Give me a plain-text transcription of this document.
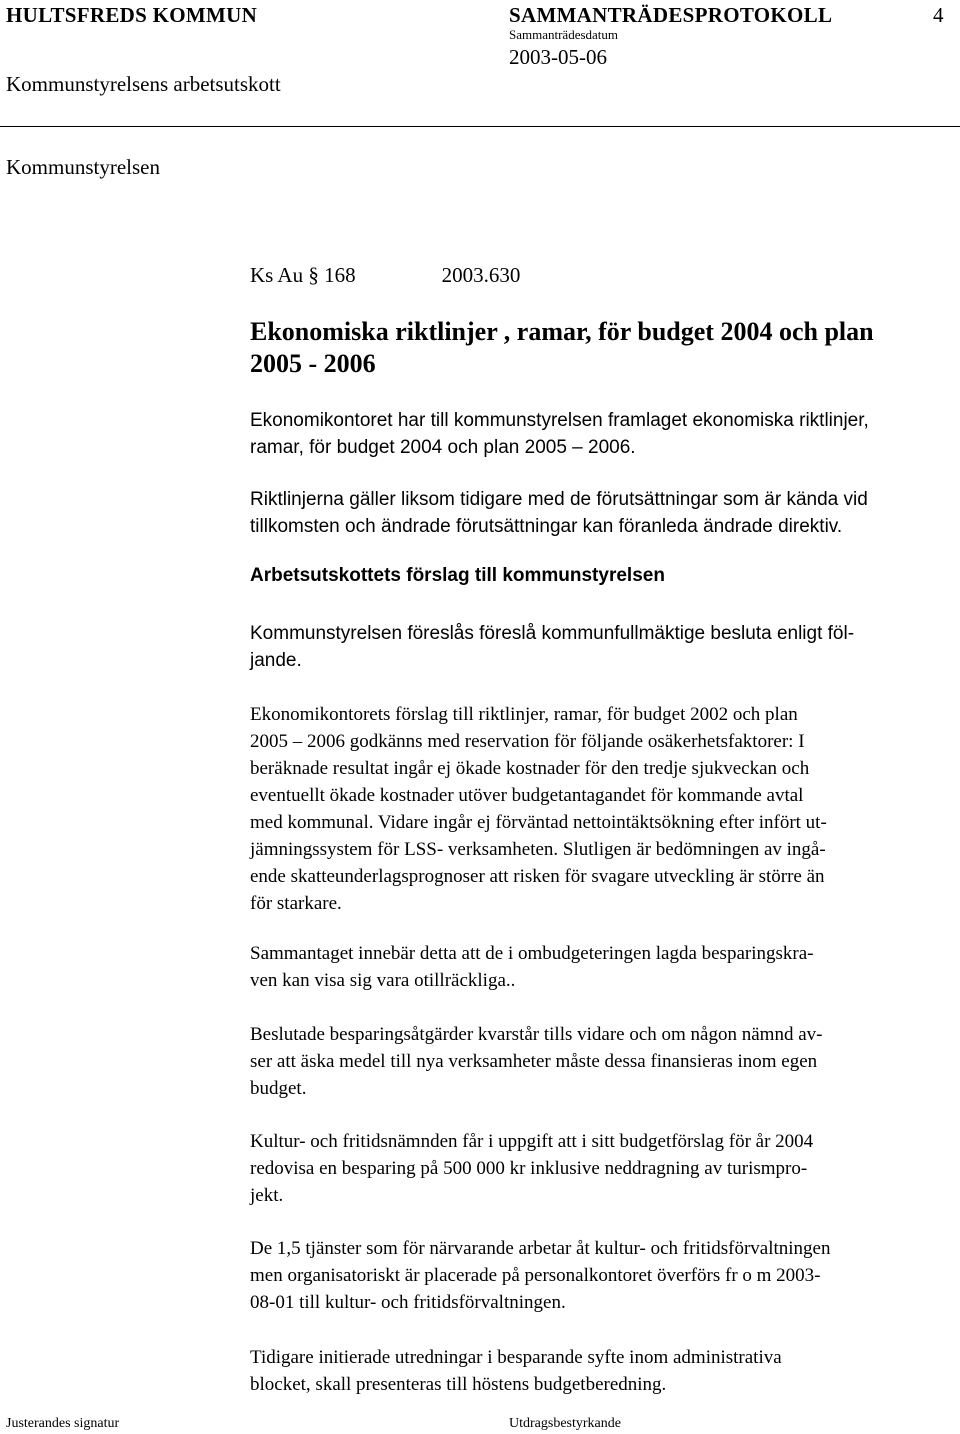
HULTSFREDS KOMMUN	SAMMANTRÄDESPROTOKOLL	4
Sammanträdesdatum
2003-05-06
Kommunstyrelsens arbetsutskott
Kommunstyrelsen
Ks Au § 168	2003.630
Ekonomiska riktlinjer , ramar, för budget 2004 och plan
2005 - 2006

Ekonomikontoret har till kommunstyrelsen framlaget ekonomiska riktlinjer,
ramar, för budget 2004 och plan 2005 – 2006.

Riktlinjerna gäller liksom tidigare med de förutsättningar som är kända vid
tillkomsten och ändrade förutsättningar kan föranleda ändrade direktiv.

Arbetsutskottets förslag till kommunstyrelsen

Kommunstyrelsen föreslås föreslå kommunfullmäktige besluta enligt föl-
jande.

Ekonomikontorets förslag till riktlinjer, ramar, för budget 2002 och plan
2005 – 2006 godkänns med reservation för följande osäkerhetsfaktorer: I
beräknade resultat ingår ej ökade kostnader för den tredje sjukveckan och
eventuellt ökade kostnader utöver budgetantagandet för kommande avtal
med kommunal. Vidare ingår ej förväntad nettointäktsökning efter infört ut-
jämningssystem för LSS- verksamheten. Slutligen är bedömningen av ingå-
ende skatteunderlagsprognoser att risken för svagare utveckling är större än
för starkare.

Sammantaget innebär detta att de i ombudgeteringen lagda besparingskra-
ven kan visa sig vara otillräckliga..

Beslutade besparingsåtgärder kvarstår tills vidare och om någon nämnd av-
ser att äska medel till nya verksamheter måste dessa finansieras inom egen
budget.

Kultur- och fritidsnämnden får i uppgift att i sitt budgetförslag för år 2004
redovisa en besparing på 500 000 kr inklusive neddragning av turismpro-
jekt.

De 1,5 tjänster som för närvarande arbetar åt kultur- och fritidsförvaltningen
men organisatoriskt är placerade på personalkontoret överförs fr o m 2003-
08-01 till kultur- och fritidsförvaltningen.

Tidigare initierade utredningar i besparande syfte inom administrativa
blocket, skall presenteras till höstens budgetberedning.

Justerandes signatur	Utdragsbestyrkande
